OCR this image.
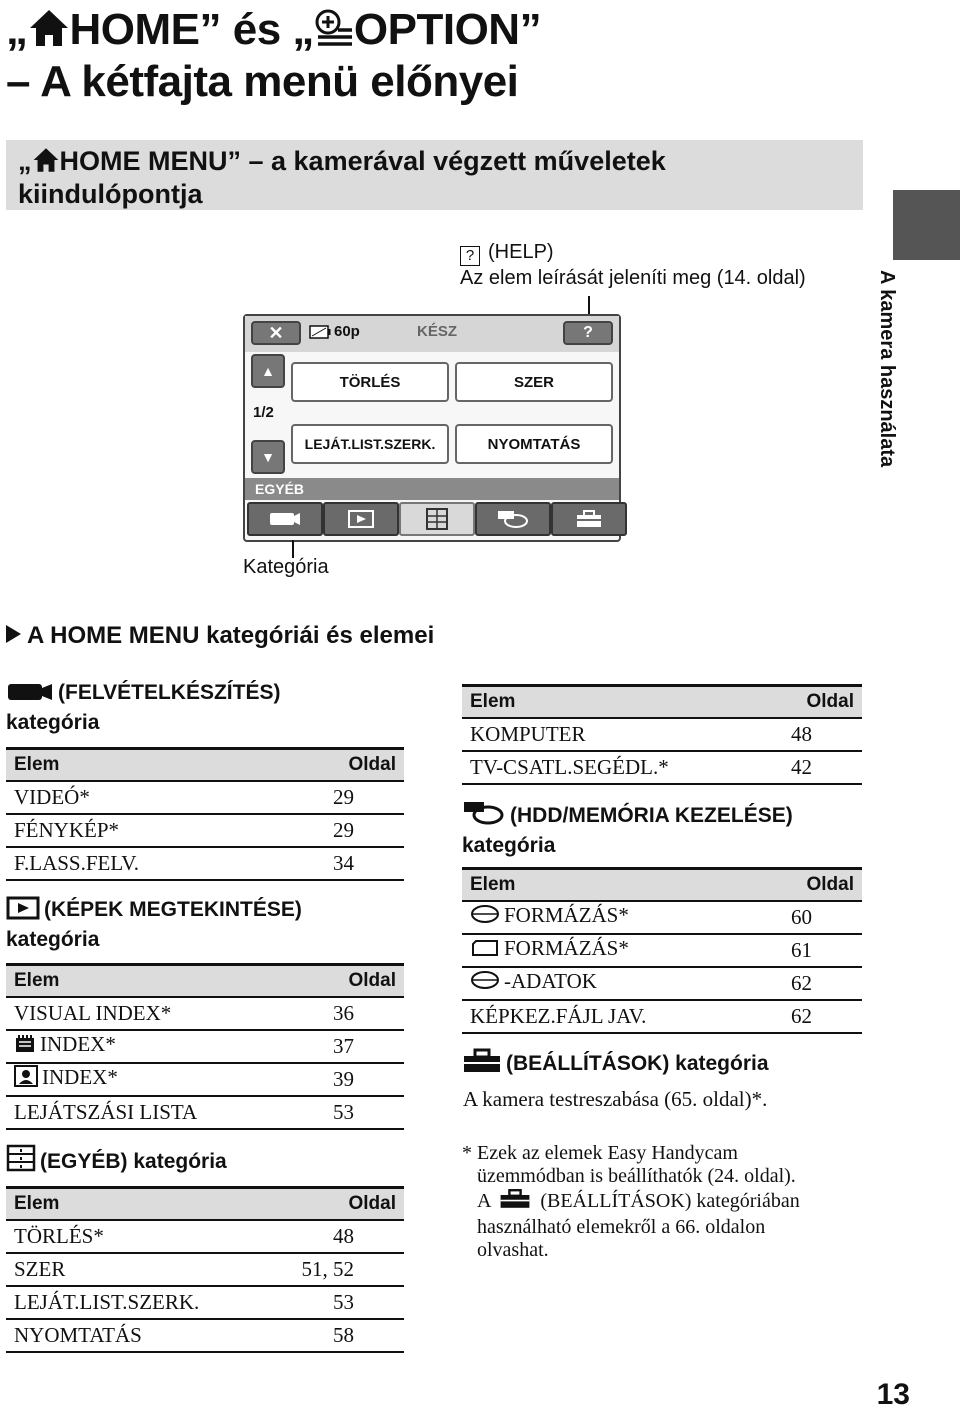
„ HOME” és „ OPTION”
– A kétfajta menü előnyei
„ HOME MENU” – a kamerával végzett műveletek kiindulópontja
A kamera használata
? (HELP)
Az elem leírását jeleníti meg (14. oldal)
✕	60p	KÉSZ	?
▲
1/2
▼
TÖRLÉS	SZER
LEJÁT.LIST.SZERK.	NYOMTATÁS
EGYÉB
Kategória
A HOME MENU kategóriái és elemei
(FELVÉTELKÉSZÍTÉS)
kategória
Elem	Oldal
VIDEÓ*	29
FÉNYKÉP*	29
F.LASS.FELV.	34
(KÉPEK MEGTEKINTÉSE)
kategória
Elem	Oldal
VISUAL INDEX*	36
INDEX*	37
INDEX*	39
LEJÁTSZÁSI LISTA	53
(EGYÉB) kategória
Elem	Oldal
TÖRLÉS*	48
SZER	51, 52
LEJÁT.LIST.SZERK.	53
NYOMTATÁS	58
Elem	Oldal
KOMPUTER	48
TV-CSATL.SEGÉDL.*	42
(HDD/MEMÓRIA KEZELÉSE)
kategória
Elem	Oldal
FORMÁZÁS*	60
FORMÁZÁS*	61
-ADATOK	62
KÉPKEZ.FÁJL JAV.	62
(BEÁLLÍTÁSOK) kategória
A kamera testreszabása (65. oldal)*.
* Ezek az elemek Easy Handycam
üzemmódban is beállíthatók (24. oldal).
A	(BEÁLLÍTÁSOK) kategóriában
használható elemekről a 66. oldalon
olvashat.
13
